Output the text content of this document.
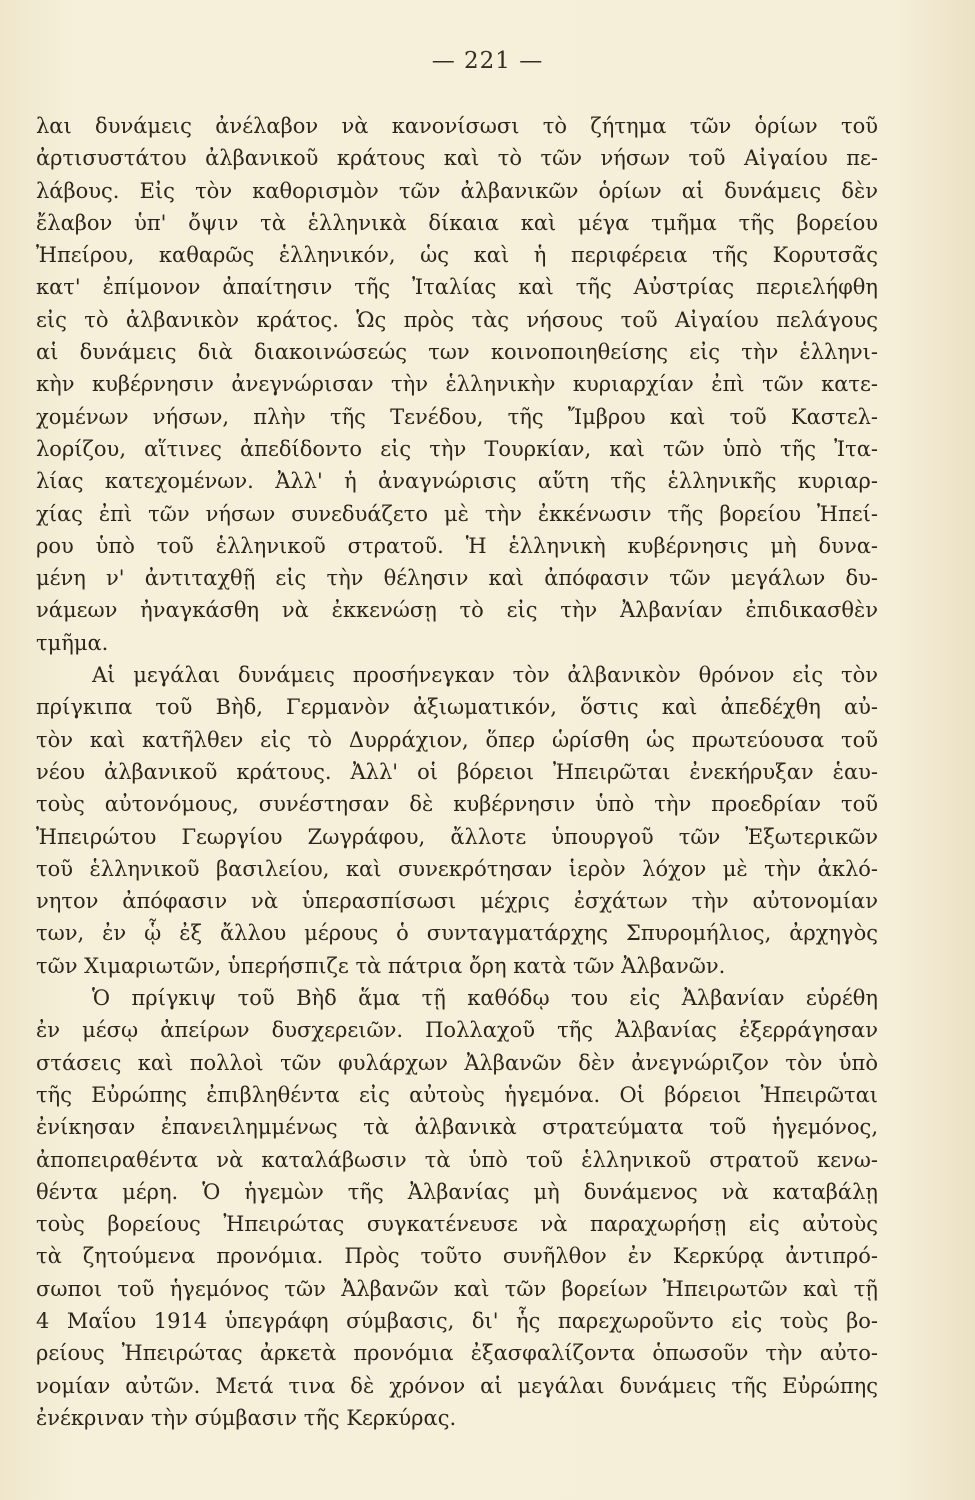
— 221 —
λαι δυνάμεις ἀνέλαβον νὰ κανονίσωσι τὸ ζήτημα τῶν ὁρίων τοῦ
ἀρτισυστάτου ἀλβανικοῦ κράτους καὶ τὸ τῶν νήσων τοῦ Αἰγαίου πε-
λάβους. Εἰς τὸν καθορισμὸν τῶν ἀλβανικῶν ὁρίων αἱ δυνάμεις δὲν
ἔλαβον ὑπ' ὄψιν τὰ ἑλληνικὰ δίκαια καὶ μέγα τμῆμα τῆς βορείου
Ἠπείρου, καθαρῶς ἑλληνικόν, ὡς καὶ ἡ περιφέρεια τῆς Κορυτσᾶς
κατ' ἐπίμονον ἀπαίτησιν τῆς Ἰταλίας καὶ τῆς Αὐστρίας περιελήφθη
εἰς τὸ ἀλβανικὸν κράτος. Ὡς πρὸς τὰς νήσους τοῦ Αἰγαίου πελάγους
αἱ δυνάμεις διὰ διακοινώσεώς των κοινοποιηθείσης εἰς τὴν ἑλληνι-
κὴν κυβέρνησιν ἀνεγνώρισαν τὴν ἑλληνικὴν κυριαρχίαν ἐπὶ τῶν κατε-
χομένων νήσων, πλὴν τῆς Τενέδου, τῆς Ἴμβρου καὶ τοῦ Καστελ-
λορίζου, αἵτινες ἀπεδίδοντο εἰς τὴν Τουρκίαν, καὶ τῶν ὑπὸ τῆς Ἰτα-
λίας κατεχομένων. Ἀλλ' ἡ ἀναγνώρισις αὕτη τῆς ἑλληνικῆς κυριαρ-
χίας ἐπὶ τῶν νήσων συνεδυάζετο μὲ τὴν ἐκκένωσιν τῆς βορείου Ἠπεί-
ρου ὑπὸ τοῦ ἑλληνικοῦ στρατοῦ. Ἡ ἑλληνικὴ κυβέρνησις μὴ δυνα-
μένη ν' ἀντιταχθῇ εἰς τὴν θέλησιν καὶ ἀπόφασιν τῶν μεγάλων δυ-
νάμεων ἠναγκάσθη νὰ ἐκκενώσῃ τὸ εἰς τὴν Ἀλβανίαν ἐπιδικασθὲν
τμῆμα.
Αἱ μεγάλαι δυνάμεις προσήνεγκαν τὸν ἀλβανικὸν θρόνον εἰς τὸν
πρίγκιπα τοῦ Βὴδ, Γερμανὸν ἀξιωματικόν, ὅστις καὶ ἀπεδέχθη αὐ-
τὸν καὶ κατῆλθεν εἰς τὸ Δυρράχιον, ὅπερ ὡρίσθη ὡς πρωτεύουσα τοῦ
νέου ἀλβανικοῦ κράτους. Ἀλλ' οἱ βόρειοι Ἠπειρῶται ἐνεκήρυξαν ἑαυ-
τοὺς αὐτονόμους, συνέστησαν δὲ κυβέρνησιν ὑπὸ τὴν προεδρίαν τοῦ
Ἠπειρώτου Γεωργίου Ζωγράφου, ἄλλοτε ὑπουργοῦ τῶν Ἐξωτερικῶν
τοῦ ἑλληνικοῦ βασιλείου, καὶ συνεκρότησαν ἱερὸν λόχον μὲ τὴν ἀκλό-
νητον ἀπόφασιν νὰ ὑπερασπίσωσι μέχρις ἐσχάτων τὴν αὐτονομίαν
των, ἐν ᾧ ἐξ ἄλλου μέρους ὁ συνταγματάρχης Σπυρομήλιος, ἀρχηγὸς
τῶν Χιμαριωτῶν, ὑπερήσπιζε τὰ πάτρια ὄρη κατὰ τῶν Ἀλβανῶν.
Ὁ πρίγκιψ τοῦ Βὴδ ἅμα τῇ καθόδῳ του εἰς Ἀλβανίαν εὑρέθη
ἐν μέσῳ ἀπείρων δυσχερειῶν. Πολλαχοῦ τῆς Ἀλβανίας ἐξερράγησαν
στάσεις καὶ πολλοὶ τῶν φυλάρχων Ἀλβανῶν δὲν ἀνεγνώριζον τὸν ὑπὸ
τῆς Εὐρώπης ἐπιβληθέντα εἰς αὐτοὺς ἡγεμόνα. Οἱ βόρειοι Ἠπειρῶται
ἐνίκησαν ἐπανειλημμένως τὰ ἀλβανικὰ στρατεύματα τοῦ ἡγεμόνος,
ἀποπειραθέντα νὰ καταλάβωσιν τὰ ὑπὸ τοῦ ἑλληνικοῦ στρατοῦ κενω-
θέντα μέρη. Ὁ ἡγεμὼν τῆς Ἀλβανίας μὴ δυνάμενος νὰ καταβάλῃ
τοὺς βορείους Ἠπειρώτας συγκατένευσε νὰ παραχωρήσῃ εἰς αὐτοὺς
τὰ ζητούμενα προνόμια. Πρὸς τοῦτο συνῆλθον ἐν Κερκύρᾳ ἀντιπρό-
σωποι τοῦ ἡγεμόνος τῶν Ἀλβανῶν καὶ τῶν βορείων Ἠπειρωτῶν καὶ τῇ
4 Μαΐου 1914 ὑπεγράφη σύμβασις, δι' ἧς παρεχωροῦντο εἰς τοὺς βο-
ρείους Ἠπειρώτας ἀρκετὰ προνόμια ἐξασφαλίζοντα ὁπωσοῦν τὴν αὐτο-
νομίαν αὐτῶν. Μετά τινα δὲ χρόνον αἱ μεγάλαι δυνάμεις τῆς Εὐρώπης
ἐνέκριναν τὴν σύμβασιν τῆς Κερκύρας.
